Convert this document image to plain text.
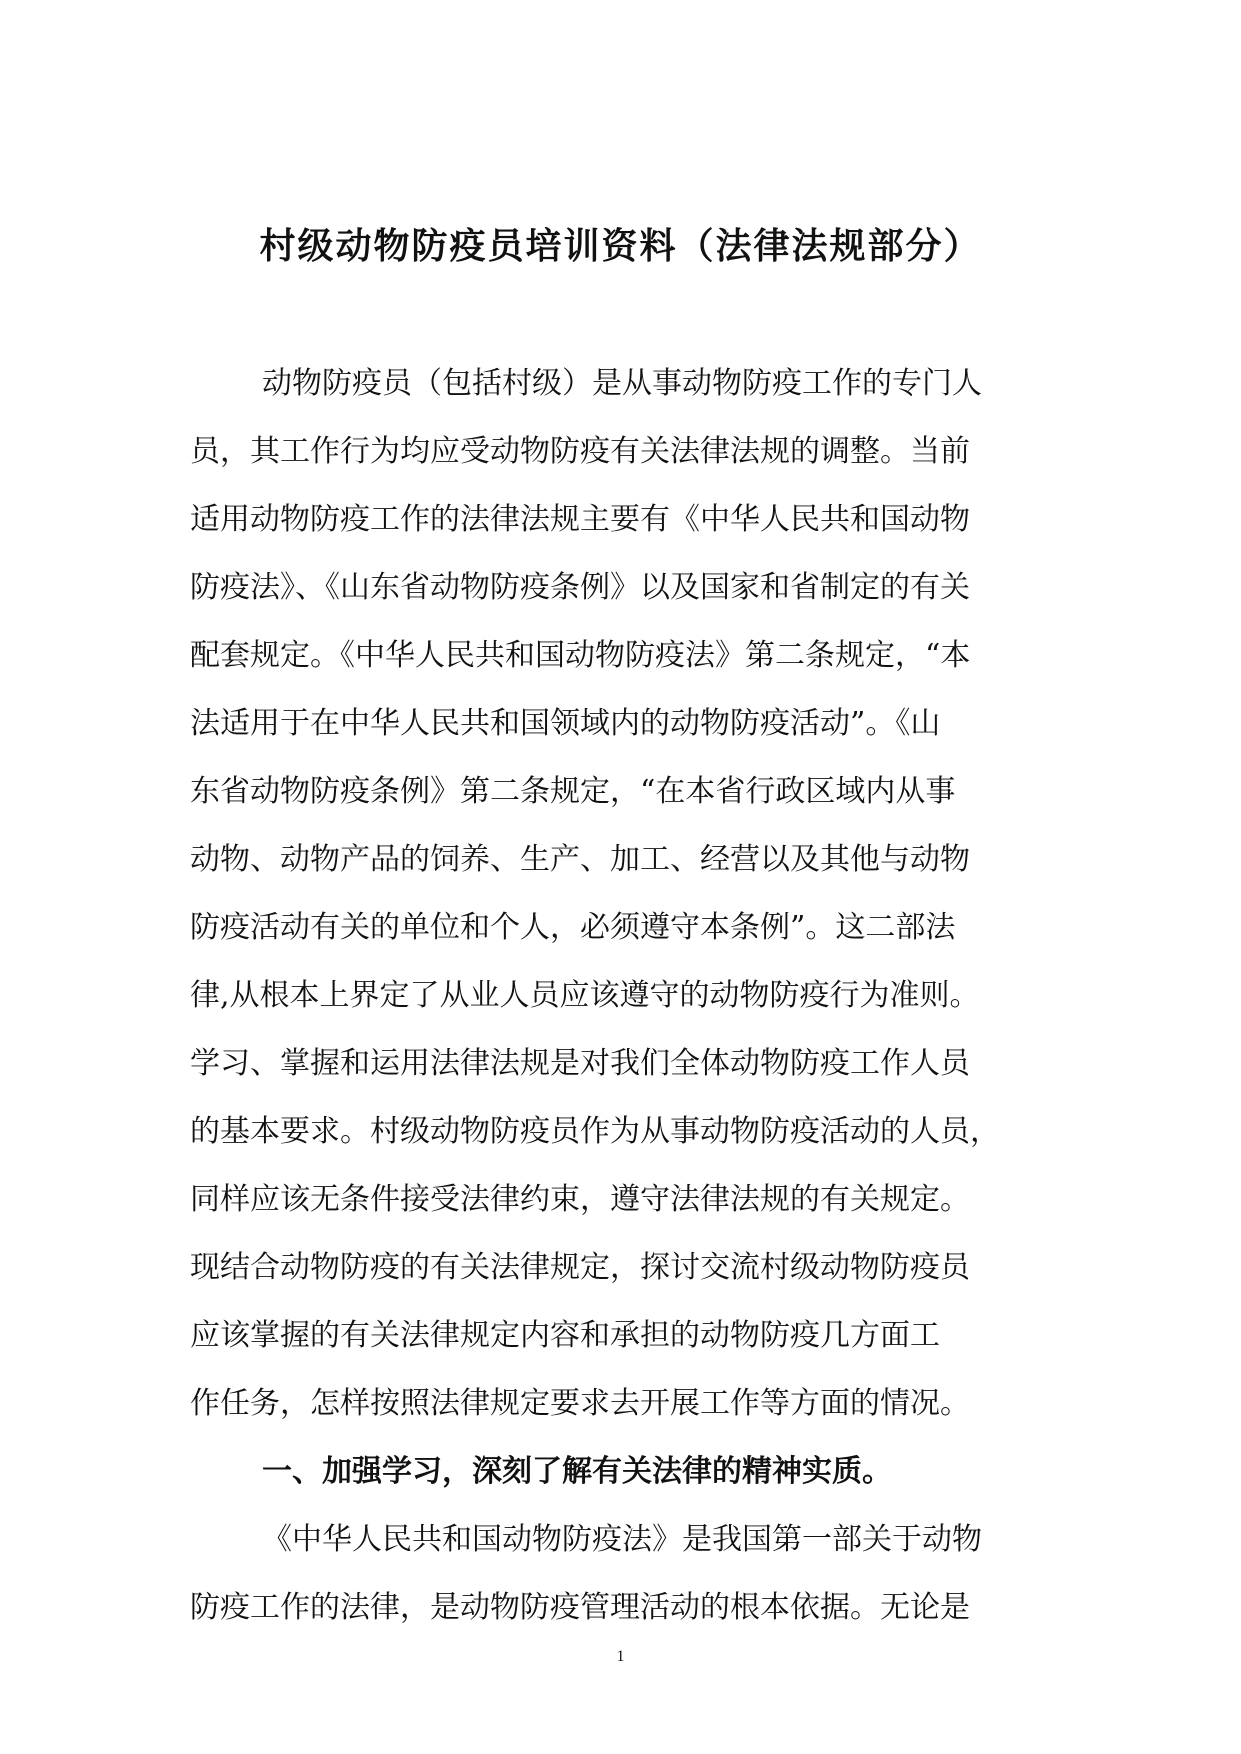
村级动物防疫员培训资料（法律法规部分）
动物防疫员（包括村级）是从事动物防疫工作的专门人
员，其工作行为均应受动物防疫有关法律法规的调整。当前
适用动物防疫工作的法律法规主要有《中华人民共和国动物
防疫法》、《山东省动物防疫条例》以及国家和省制定的有关
配套规定。《中华人民共和国动物防疫法》第二条规定，“本
法适用于在中华人民共和国领域内的动物防疫活动”。《山
东省动物防疫条例》第二条规定，“在本省行政区域内从事
动物、动物产品的饲养、生产、加工、经营以及其他与动物
防疫活动有关的单位和个人，必须遵守本条例”。这二部法
律,从根本上界定了从业人员应该遵守的动物防疫行为准则。
学习、掌握和运用法律法规是对我们全体动物防疫工作人员
的基本要求。村级动物防疫员作为从事动物防疫活动的人员，
同样应该无条件接受法律约束，遵守法律法规的有关规定。
现结合动物防疫的有关法律规定，探讨交流村级动物防疫员
应该掌握的有关法律规定内容和承担的动物防疫几方面工
作任务，怎样按照法律规定要求去开展工作等方面的情况。
一、加强学习，深刻了解有关法律的精神实质。
《中华人民共和国动物防疫法》是我国第一部关于动物
防疫工作的法律，是动物防疫管理活动的根本依据。无论是
1
